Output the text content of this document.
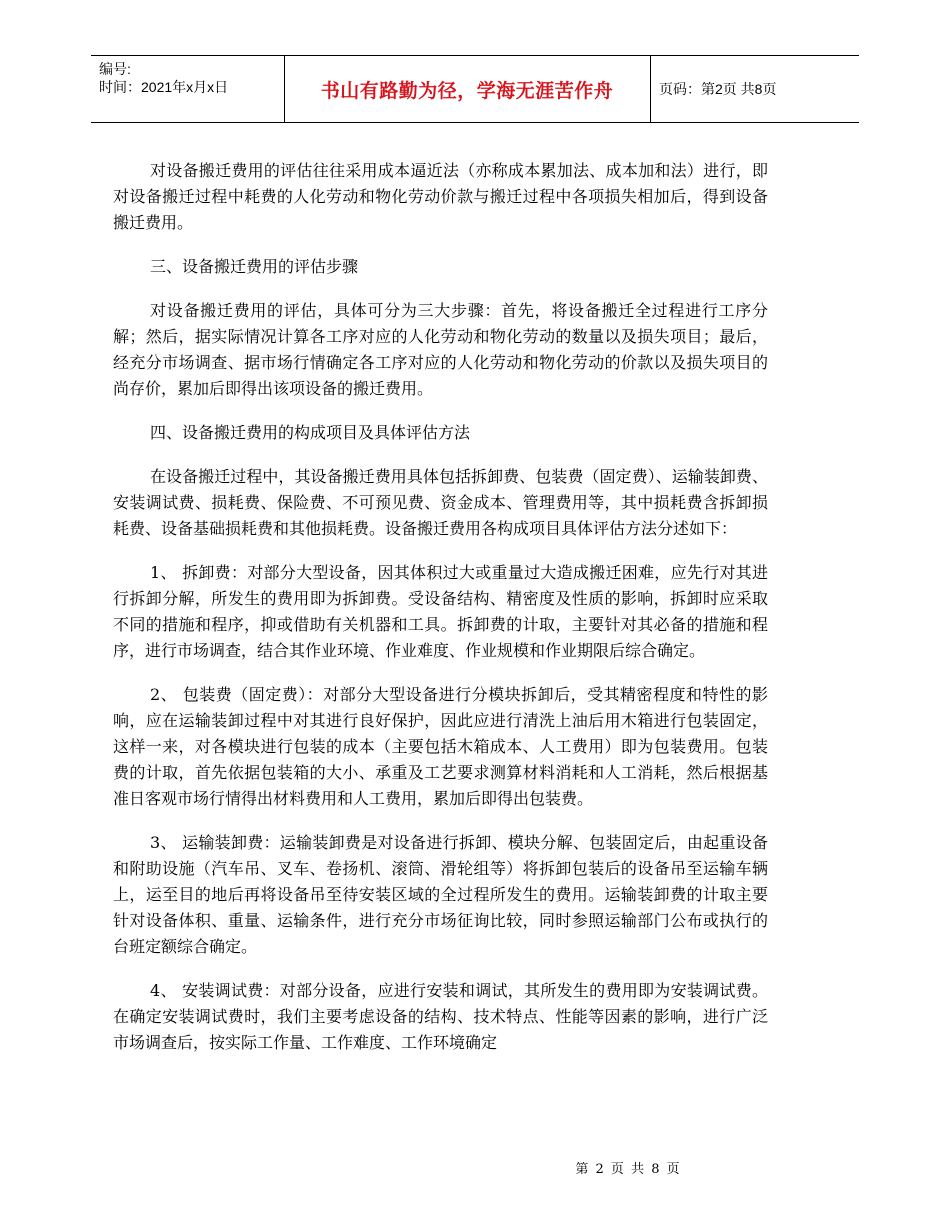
编号:
时间：2021年x月x日	书山有路勤为径，学海无涯苦作舟	页码：第2页 共8页

对设备搬迁费用的评估往往采用成本逼近法（亦称成本累加法、成本加和法）进行，即对设备搬迁过程中耗费的人化劳动和物化劳动价款与搬迁过程中各项损失相加后，得到设备搬迁费用。

三、设备搬迁费用的评估步骤

对设备搬迁费用的评估，具体可分为三大步骤：首先，将设备搬迁全过程进行工序分解；然后，据实际情况计算各工序对应的人化劳动和物化劳动的数量以及损失项目；最后，经充分市场调查、据市场行情确定各工序对应的人化劳动和物化劳动的价款以及损失项目的尚存价，累加后即得出该项设备的搬迁费用。

四、设备搬迁费用的构成项目及具体评估方法

在设备搬迁过程中，其设备搬迁费用具体包括拆卸费、包装费（固定费）、运输装卸费、安装调试费、损耗费、保险费、不可预见费、资金成本、管理费用等，其中损耗费含拆卸损耗费、设备基础损耗费和其他损耗费。设备搬迁费用各构成项目具体评估方法分述如下：

1、 拆卸费：对部分大型设备，因其体积过大或重量过大造成搬迁困难，应先行对其进行拆卸分解，所发生的费用即为拆卸费。受设备结构、精密度及性质的影响，拆卸时应采取不同的措施和程序，抑或借助有关机器和工具。拆卸费的计取，主要针对其必备的措施和程序，进行市场调查，结合其作业环境、作业难度、作业规模和作业期限后综合确定。

2、 包装费（固定费）：对部分大型设备进行分模块拆卸后，受其精密程度和特性的影响，应在运输装卸过程中对其进行良好保护，因此应进行清洗上油后用木箱进行包装固定，这样一来，对各模块进行包装的成本（主要包括木箱成本、人工费用）即为包装费用。包装费的计取，首先依据包装箱的大小、承重及工艺要求测算材料消耗和人工消耗，然后根据基准日客观市场行情得出材料费用和人工费用，累加后即得出包装费。

3、 运输装卸费：运输装卸费是对设备进行拆卸、模块分解、包装固定后，由起重设备和附助设施（汽车吊、叉车、卷扬机、滚筒、滑轮组等）将拆卸包装后的设备吊至运输车辆上，运至目的地后再将设备吊至待安装区域的全过程所发生的费用。运输装卸费的计取主要针对设备体积、重量、运输条件，进行充分市场征询比较，同时参照运输部门公布或执行的台班定额综合确定。

4、 安装调试费：对部分设备，应进行安装和调试，其所发生的费用即为安装调试费。在确定安装调试费时，我们主要考虑设备的结构、技术特点、性能等因素的影响，进行广泛市场调查后，按实际工作量、工作难度、工作环境确定

第 2 页 共 8 页
